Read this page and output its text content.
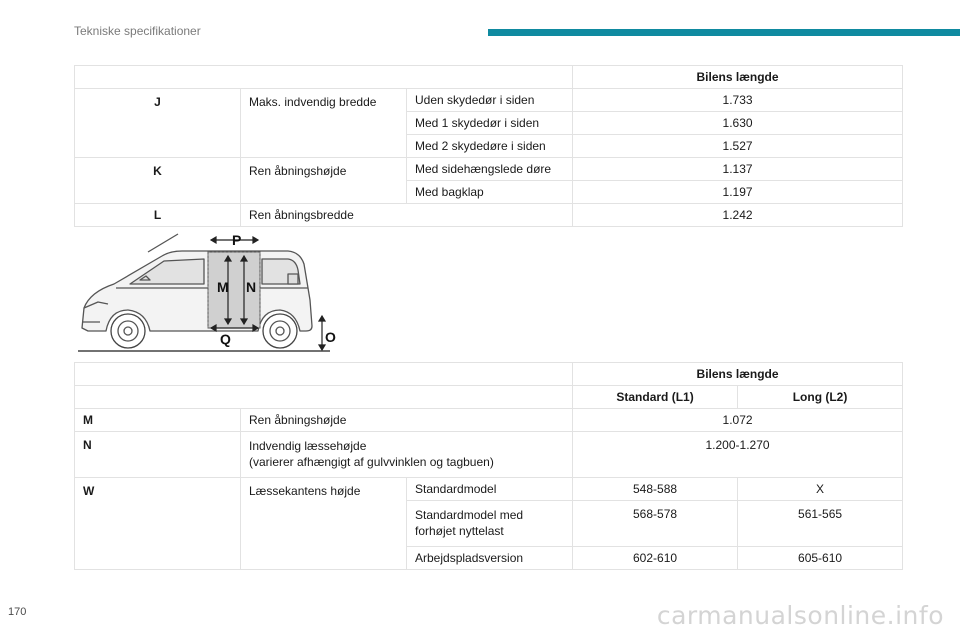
Tekniske specifikationer
			Bilens længde
J	Maks. indvendig bredde	Uden skydedør i siden	1.733
		Med 1 skydedør i siden	1.630
		Med 2 skydedøre i siden	1.527
K	Ren åbningshøjde	Med sidehængslede døre	1.137
		Med bagklap	1.197
L	Ren åbningsbredde		1.242
P
M N
O
Q
			Bilens længde	
			Standard (L1)	Long (L2)
M	Ren åbningshøjde		1.072	
N	Indvendig læssehøjde
(varierer afhængigt af gulvvinklen og tagbuen)		1.200-1.270	
W	Læssekantens højde	Standardmodel	548-588	X
		Standardmodel med
forhøjet nyttelast	568-578	561-565
		Arbejdspladsversion	602-610	605-610
170	carmanualsonline.info
